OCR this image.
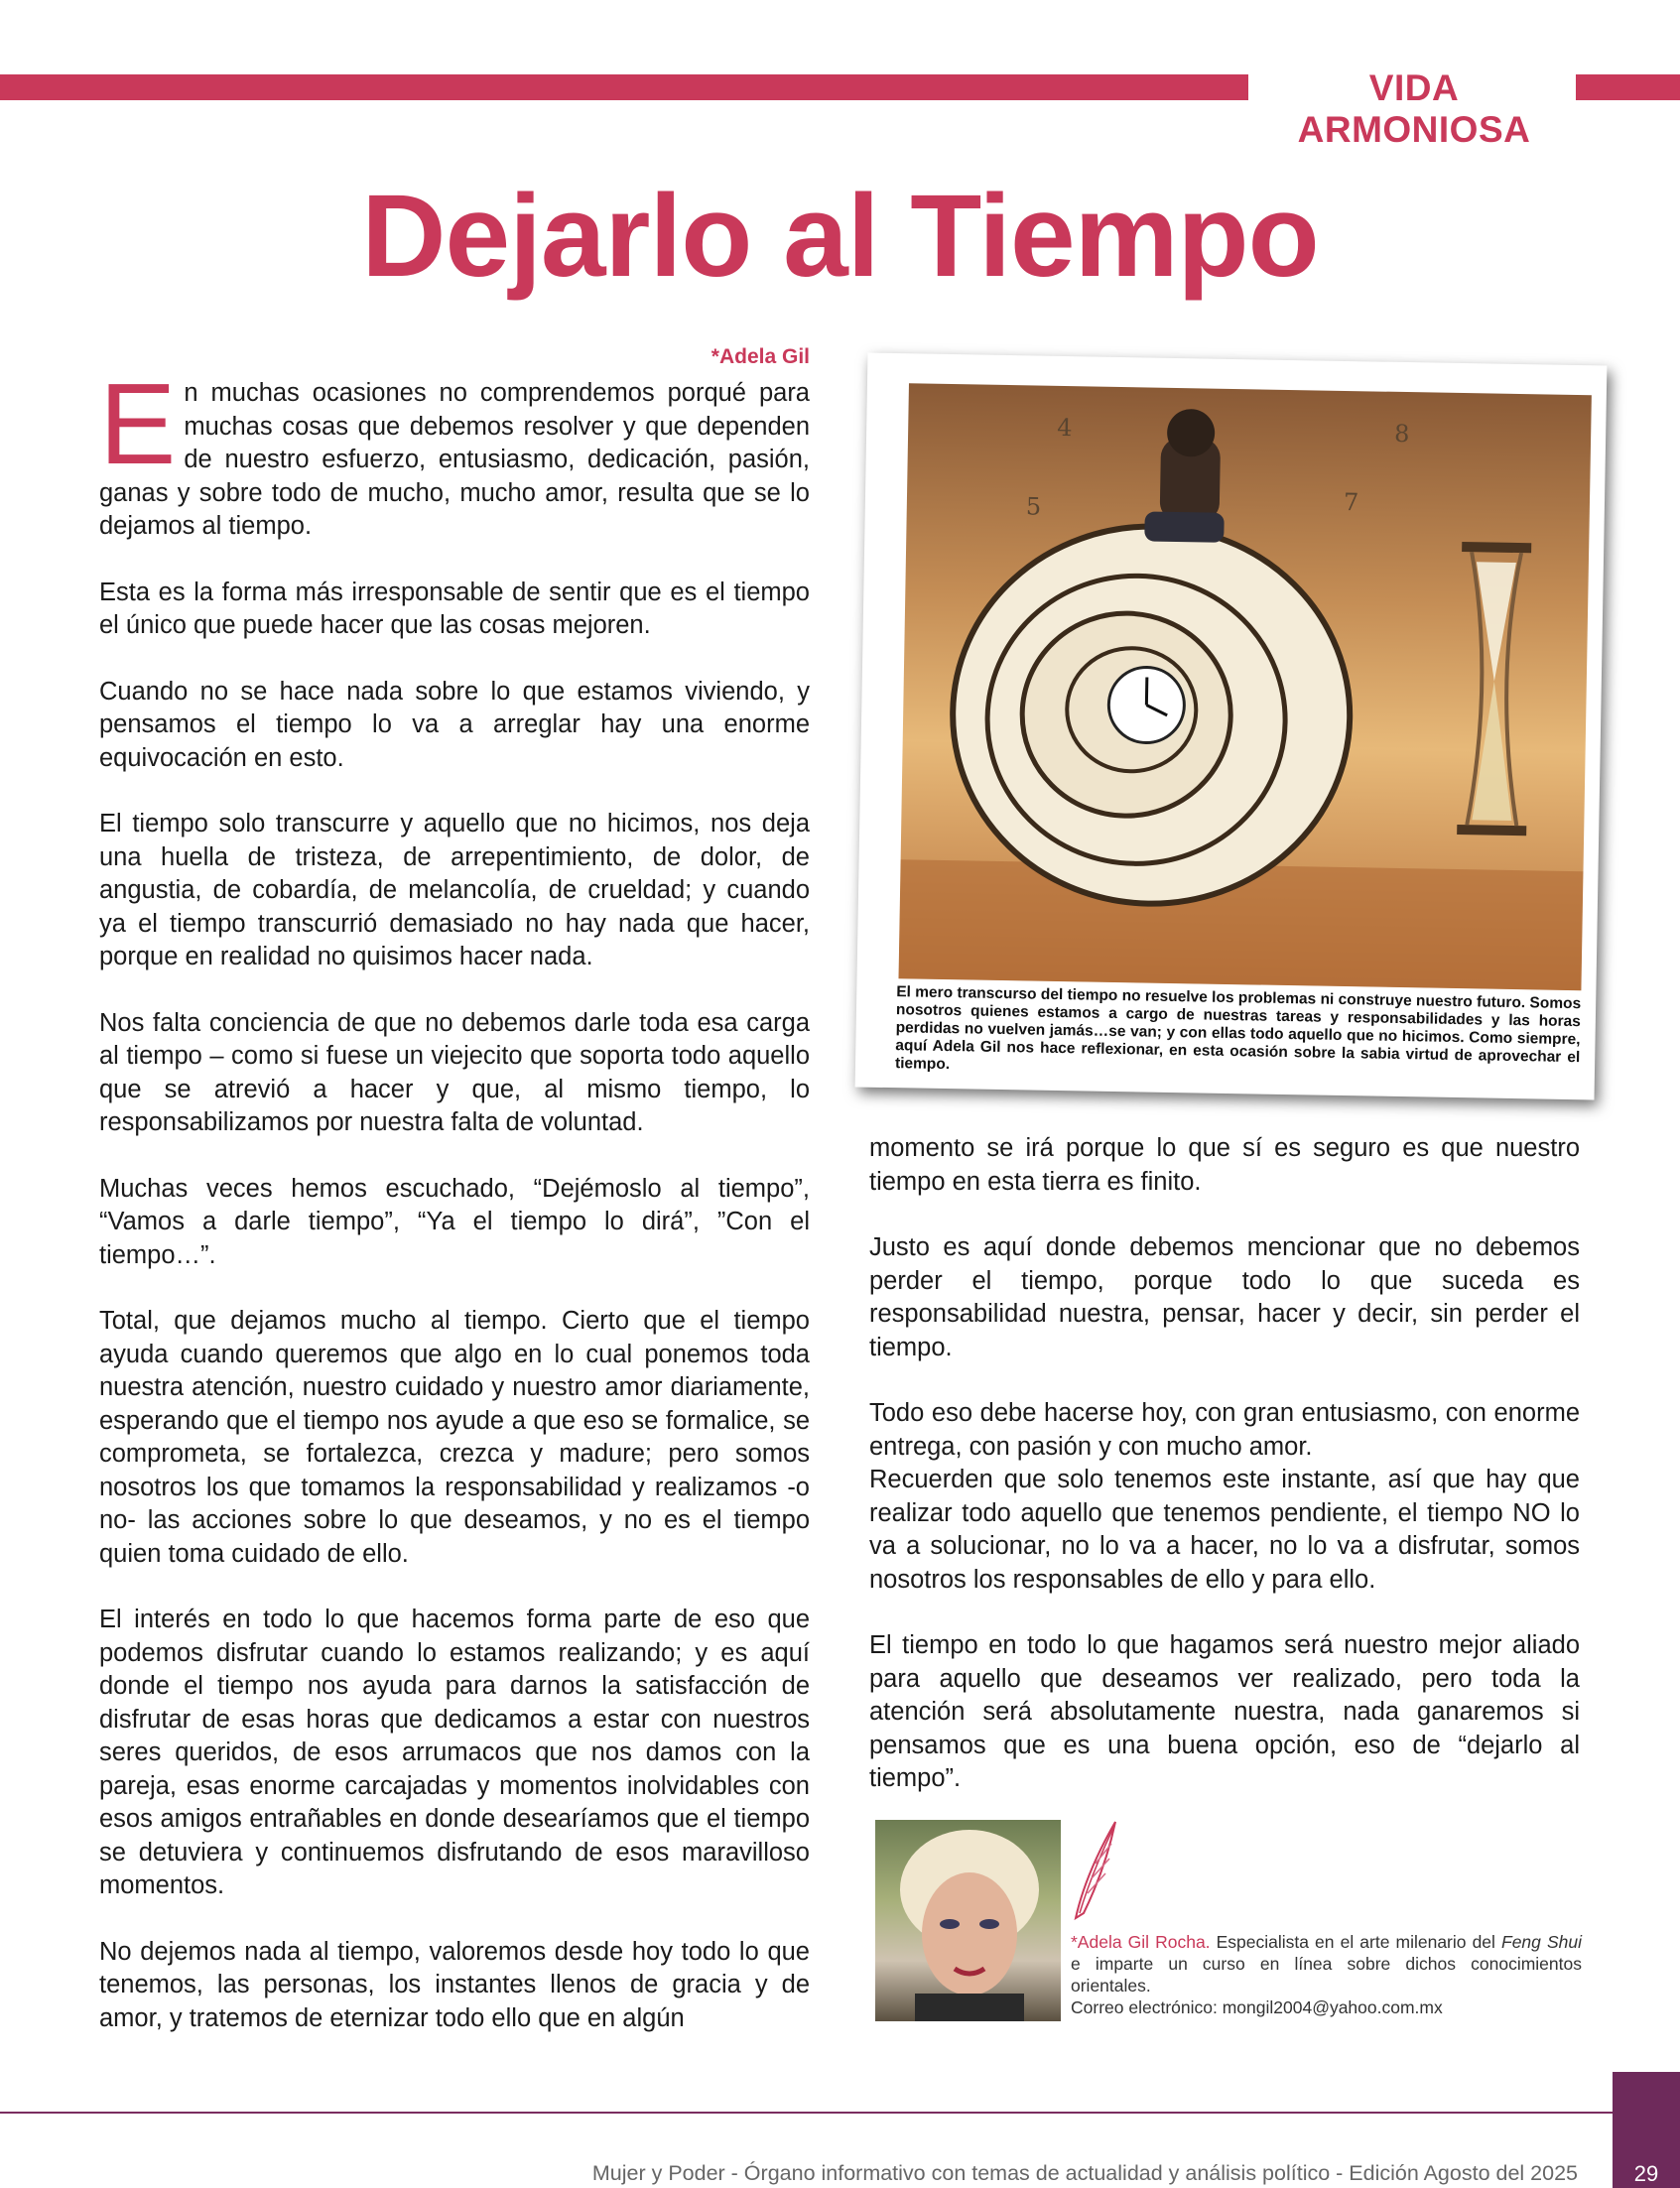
VIDA ARMONIOSA
Dejarlo al Tiempo
*Adela Gil

En muchas ocasiones no comprendemos porqué para muchas cosas que debemos resolver y que dependen de nuestro esfuerzo, entusiasmo, dedicación, pasión, ganas y sobre todo de mucho, mucho amor, resulta que se lo dejamos al tiempo.

Esta es la forma más irresponsable de sentir que es el tiempo el único que puede hacer que las cosas mejoren.

Cuando no se hace nada sobre lo que estamos viviendo, y pensamos el tiempo lo va a arreglar hay una enorme equivocación en esto.

El tiempo solo transcurre y aquello que no hicimos, nos deja una huella de tristeza, de arrepentimiento, de dolor, de angustia, de cobardía, de melancolía, de crueldad; y cuando ya el tiempo transcurrió demasiado no hay nada que hacer, porque en realidad no quisimos hacer nada.

Nos falta conciencia de que no debemos darle toda esa carga al tiempo – como si fuese un viejecito que soporta todo aquello que se atrevió a hacer y que, al mismo tiempo, lo responsabilizamos por nuestra falta de voluntad.

Muchas veces hemos escuchado, “Dejémoslo al tiempo”, “Vamos a darle tiempo”, “Ya el tiempo lo dirá”, ”Con el tiempo…”.

Total, que dejamos mucho al tiempo. Cierto que el tiempo ayuda cuando queremos que algo en lo cual ponemos toda nuestra atención, nuestro cuidado y nuestro amor diariamente, esperando que el tiempo nos ayude a que eso se formalice, se comprometa, se fortalezca, crezca y madure; pero somos nosotros los que tomamos la responsabilidad y realizamos -o no- las acciones sobre lo que deseamos, y no es el tiempo quien toma cuidado de ello.

El interés en todo lo que hacemos forma parte de eso que podemos disfrutar cuando lo estamos realizando; y es aquí donde el tiempo nos ayuda para darnos la satisfacción de disfrutar de esas horas que dedicamos a estar con nuestros seres queridos, de esos arrumacos que nos damos con la pareja, esas enorme carcajadas y momentos inolvidables con esos amigos entrañables en donde desearíamos que el tiempo se detuviera y continuemos disfrutando de esos maravilloso momentos.

No dejemos nada al tiempo, valoremos desde hoy todo lo que tenemos, las personas, los instantes llenos de gracia y de amor, y tratemos de eternizar todo ello que en algún

4	8
5	7
El mero transcurso del tiempo no resuelve los problemas ni construye nuestro futuro. Somos nosotros quienes estamos a cargo de nuestras tareas y responsabilidades y las horas perdidas no vuelven jamás…se van; y con ellas todo aquello que no hicimos. Como siempre, aquí Adela Gil nos hace reflexionar, en esta ocasión sobre la sabia virtud de aprovechar el tiempo.

momento se irá porque lo que sí es seguro es que nuestro tiempo en esta tierra es finito.

Justo es aquí donde debemos mencionar que no debemos perder el tiempo, porque todo lo que suceda es responsabilidad nuestra, pensar, hacer y decir, sin perder el tiempo.

Todo eso debe hacerse hoy, con gran entusiasmo, con enorme entrega, con pasión y con mucho amor.

Recuerden que solo tenemos este instante, así que hay que realizar todo aquello que tenemos pendiente, el tiempo NO lo va a solucionar, no lo va a hacer, no lo va a disfrutar, somos nosotros los responsables de ello y para ello.

El tiempo en todo lo que hagamos será nuestro mejor aliado para aquello que deseamos ver realizado, pero toda la atención será absolutamente nuestra, nada ganaremos si pensamos que es una buena opción, eso de “dejarlo al tiempo”.

*Adela Gil Rocha. Especialista en el arte milenario del Feng Shui e imparte un curso en línea sobre dichos conocimientos orientales.
Correo electrónico: mongil2004@yahoo.com.mx
Mujer y Poder - Órgano informativo con temas de actualidad y análisis político - Edición Agosto del 2025	29
